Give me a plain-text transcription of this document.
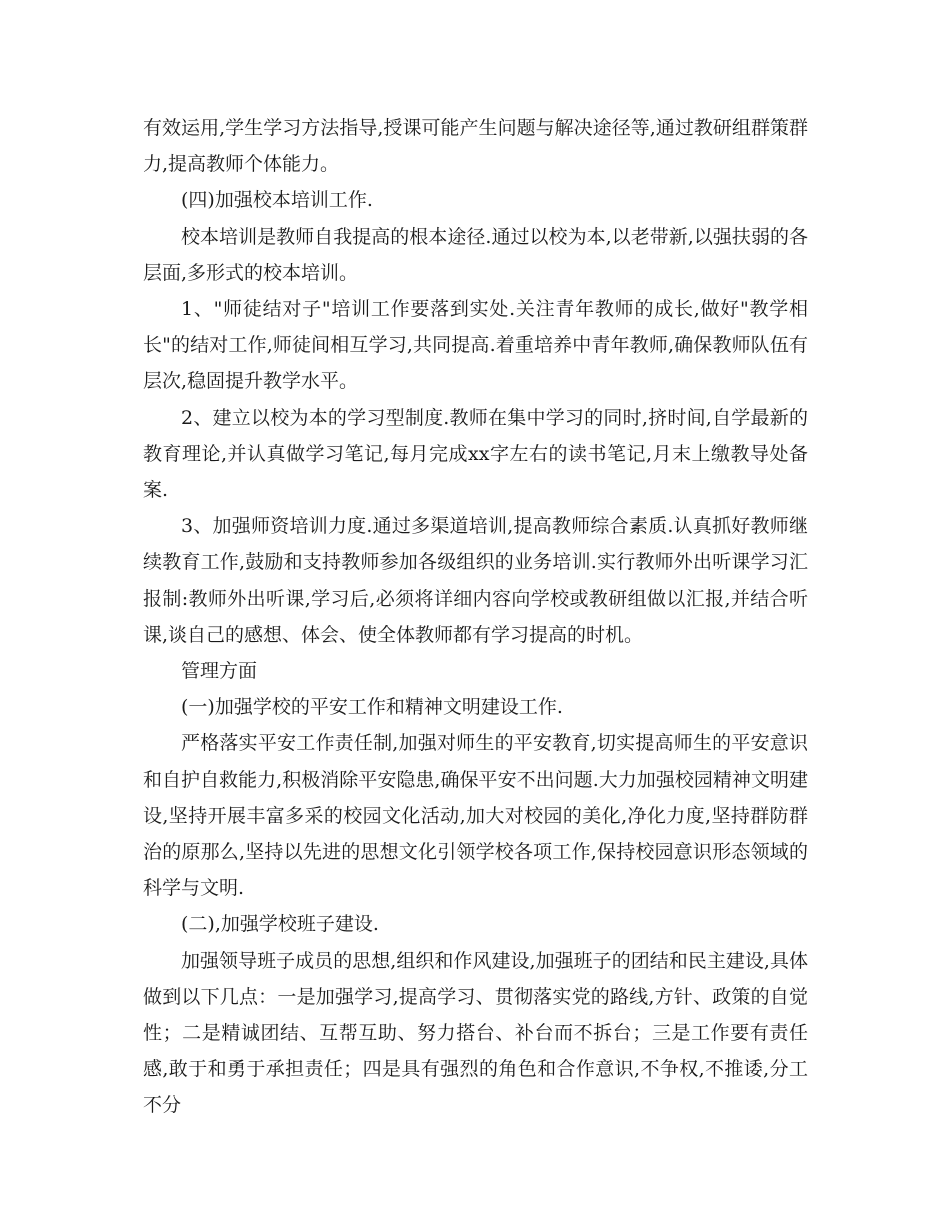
有效运用,学生学习方法指导,授课可能产生问题与解决途径等,通过教研组群策群力,提高教师个体能力。

(四)加强校本培训工作.

校本培训是教师自我提高的根本途径.通过以校为本,以老带新,以强扶弱的各层面,多形式的校本培训。

1、"师徒结对子"培训工作要落到实处.关注青年教师的成长,做好"教学相长"的结对工作,师徒间相互学习,共同提高.着重培养中青年教师,确保教师队伍有层次,稳固提升教学水平。

2、建立以校为本的学习型制度.教师在集中学习的同时,挤时间,自学最新的教育理论,并认真做学习笔记,每月完成xx字左右的读书笔记,月末上缴教导处备案.

3、加强师资培训力度.通过多渠道培训,提高教师综合素质.认真抓好教师继续教育工作,鼓励和支持教师参加各级组织的业务培训.实行教师外出听课学习汇报制:教师外出听课,学习后,必须将详细内容向学校或教研组做以汇报,并结合听课,谈自己的感想、体会、使全体教师都有学习提高的时机。

管理方面

(一)加强学校的平安工作和精神文明建设工作.

严格落实平安工作责任制,加强对师生的平安教育,切实提高师生的平安意识和自护自救能力,积极消除平安隐患,确保平安不出问题.大力加强校园精神文明建设,坚持开展丰富多采的校园文化活动,加大对校园的美化,净化力度,坚持群防群治的原那么,坚持以先进的思想文化引领学校各项工作,保持校园意识形态领域的科学与文明.

(二),加强学校班子建设.

加强领导班子成员的思想,组织和作风建设,加强班子的团结和民主建设,具体做到以下几点：一是加强学习,提高学习、贯彻落实党的路线,方针、政策的自觉性；二是精诚团结、互帮互助、努力搭台、补台而不拆台；三是工作要有责任感,敢于和勇于承担责任；四是具有强烈的角色和合作意识,不争权,不推诿,分工不分
